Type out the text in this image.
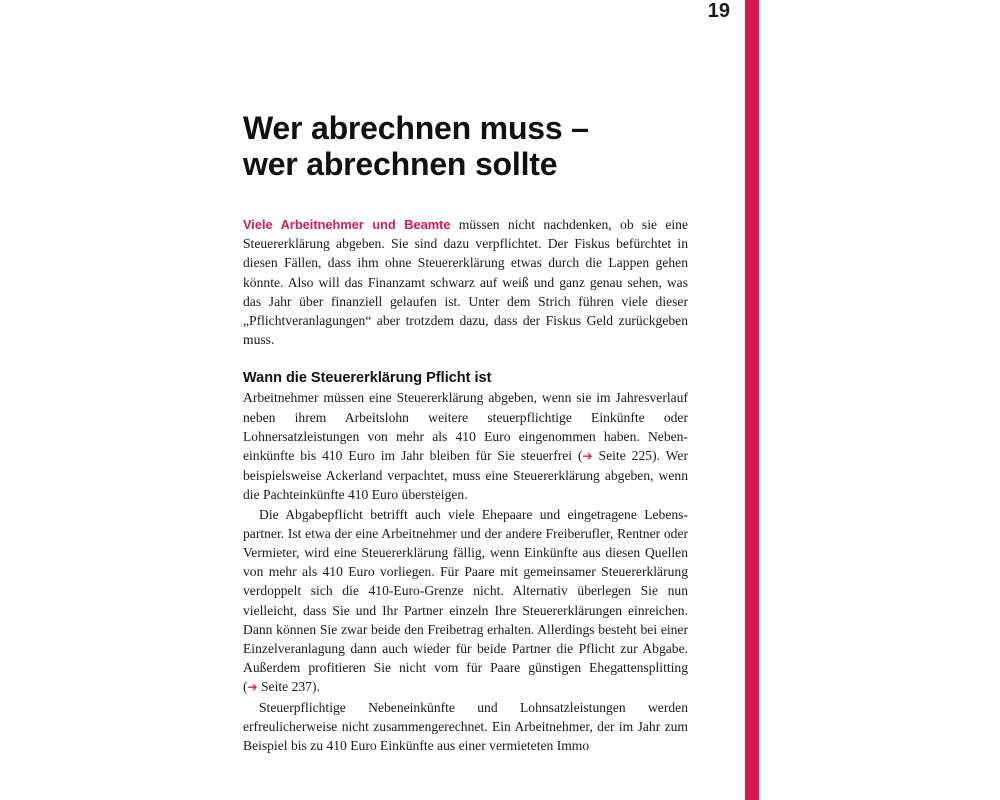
19
Wer abrechnen muss –
wer abrechnen sollte

Viele Arbeitnehmer und Beamte müssen nicht nachdenken, ob sie eine Steuererklärung abgeben. Sie sind dazu verpflichtet. Der Fiskus befürchtet in diesen Fällen, dass ihm ohne Steuererklärung etwas durch die Lappen gehen könnte. Also will das Finanzamt schwarz auf weiß und ganz genau sehen, was das Jahr über finanziell gelaufen ist. Unter dem Strich führen viele dieser „Pflichtveranlagungen“ aber trotzdem dazu, dass der Fiskus Geld zurückgeben muss.

Wann die Steuererklärung Pflicht ist

Arbeitnehmer müssen eine Steuererklärung abgeben, wenn sie im Jahresverlauf neben ihrem Arbeitslohn weitere steuerpflichtige Einkünfte oder Lohnersatzleistungen von mehr als 410 Euro eingenommen haben. Nebeneinkünfte bis 410 Euro im Jahr bleiben für Sie steuerfrei (➔ Seite 225). Wer beispielsweise Ackerland verpachtet, muss eine Steuererklärung abgeben, wenn die Pachteinkünfte 410 Euro übersteigen.

Die Abgabepflicht betrifft auch viele Ehepaare und eingetragene Lebenspartner. Ist etwa der eine Arbeitnehmer und der andere Freiberufler, Rentner oder Vermieter, wird eine Steuererklärung fällig, wenn Einkünfte aus diesen Quellen von mehr als 410 Euro vorliegen. Für Paare mit gemeinsamer Steuererklärung verdoppelt sich die 410-Euro-Grenze nicht. Alternativ überlegen Sie nun vielleicht, dass Sie und Ihr Partner einzeln Ihre Steuererklärungen einreichen. Dann können Sie zwar beide den Freibetrag erhalten. Allerdings besteht bei einer Einzelveranlagung dann auch wieder für beide Partner die Pflicht zur Abgabe. Außerdem profitieren Sie nicht vom für Paare günstigen Ehegattensplitting (➔ Seite 237).

Steuerpflichtige Nebeneinkünfte und Lohnsatzleistungen werden erfreulicherweise nicht zusammengerechnet. Ein Arbeitnehmer, der im Jahr zum Beispiel bis zu 410 Euro Einkünfte aus einer vermieteten Immo
